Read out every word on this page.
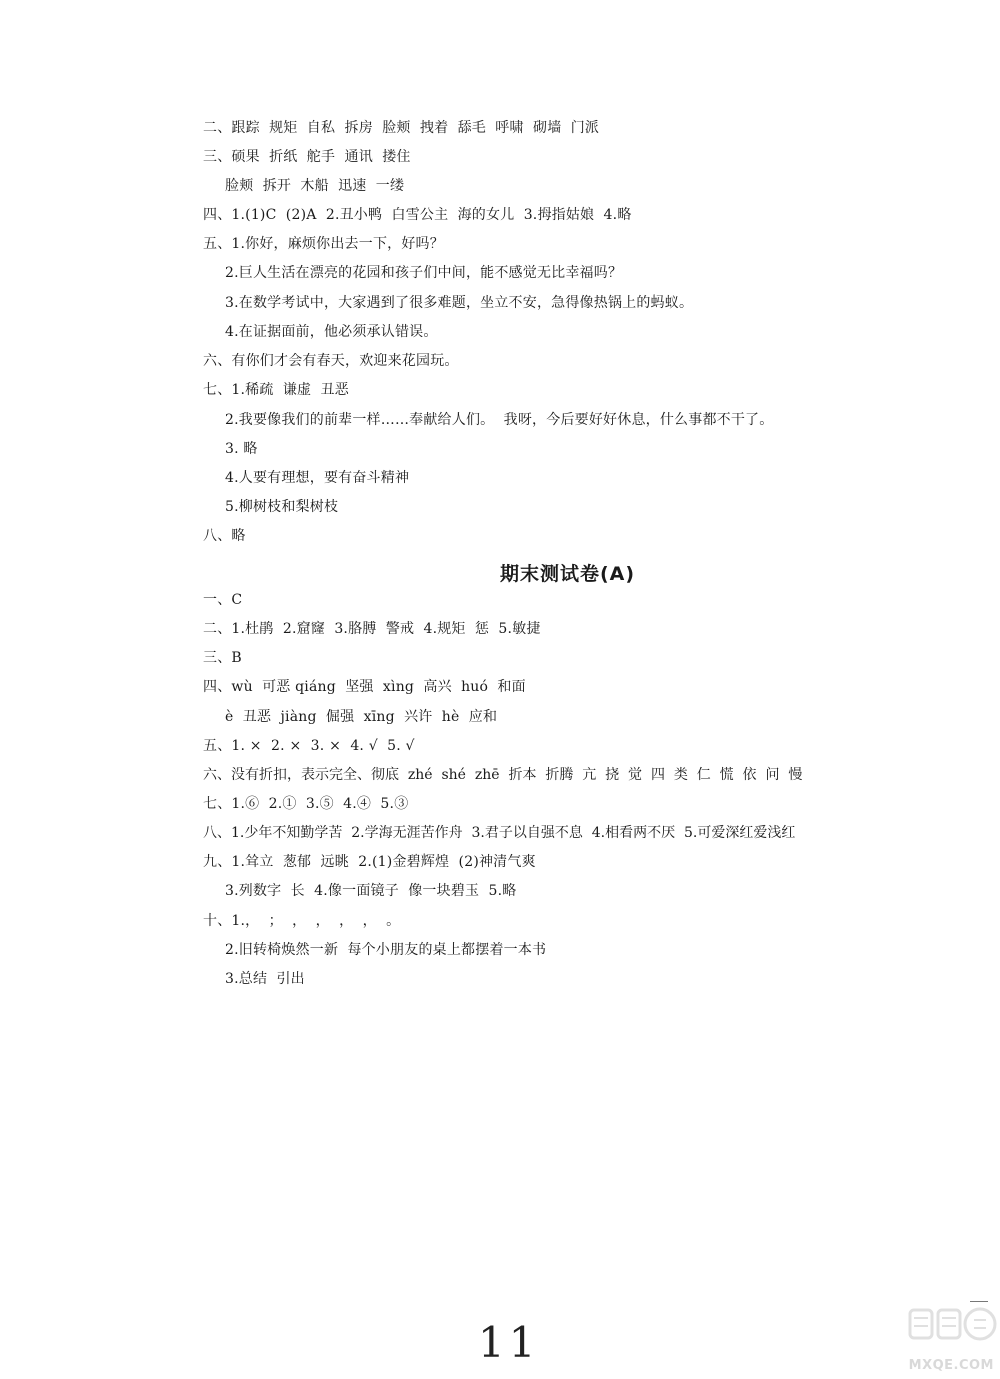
二、跟踪  规矩  自私  拆房  脸颊  拽着  舔毛  呼啸  砌墙  门派
三、硕果  折纸  舵手  通讯  搂住
脸颊  拆开  木船  迅速  一缕
四、1.(1)C  (2)A  2.丑小鸭  白雪公主  海的女儿  3.拇指姑娘  4.略
五、1.你好，麻烦你出去一下，好吗？
2.巨人生活在漂亮的花园和孩子们中间，能不感觉无比幸福吗？
3.在数学考试中，大家遇到了很多难题，坐立不安，急得像热锅上的蚂蚁。
4.在证据面前，他必须承认错误。
六、有你们才会有春天，欢迎来花园玩。
七、1.稀疏  谦虚  丑恶
2.我要像我们的前辈一样……奉献给人们。  我呀，今后要好好休息，什么事都不干了。
3. 略
4.人要有理想，要有奋斗精神
5.柳树枝和梨树枝
八、略
期末测试卷(A)
一、C
二、1.杜鹃  2.窟窿  3.胳膊  警戒  4.规矩  惩  5.敏捷
三、B
四、wù  可恶 qiáng  坚强  xìng  高兴  huó  和面
è  丑恶  jiàng  倔强  xīng  兴许  hè  应和
五、1. ×  2. ×  3. ×  4. √  5. √
六、没有折扣，表示完全、彻底  zhé  shé  zhē  折本  折腾  亢  挠  觉  四  类  仁  慌  依  问  慢
七、1.⑥  2.①  3.⑤  4.④  5.③
八、1.少年不知勤学苦  2.学海无涯苦作舟  3.君子以自强不息  4.相看两不厌  5.可爱深红爱浅红
九、1.耸立  葱郁  远眺  2.(1)金碧辉煌  (2)神清气爽
3.列数字  长  4.像一面镜子  像一块碧玉  5.略
十、1.，  ；  ，  ，  ，  ，  。
2.旧转椅焕然一新  每个小朋友的桌上都摆着一本书
3.总结  引出
11	MXQE.COM
